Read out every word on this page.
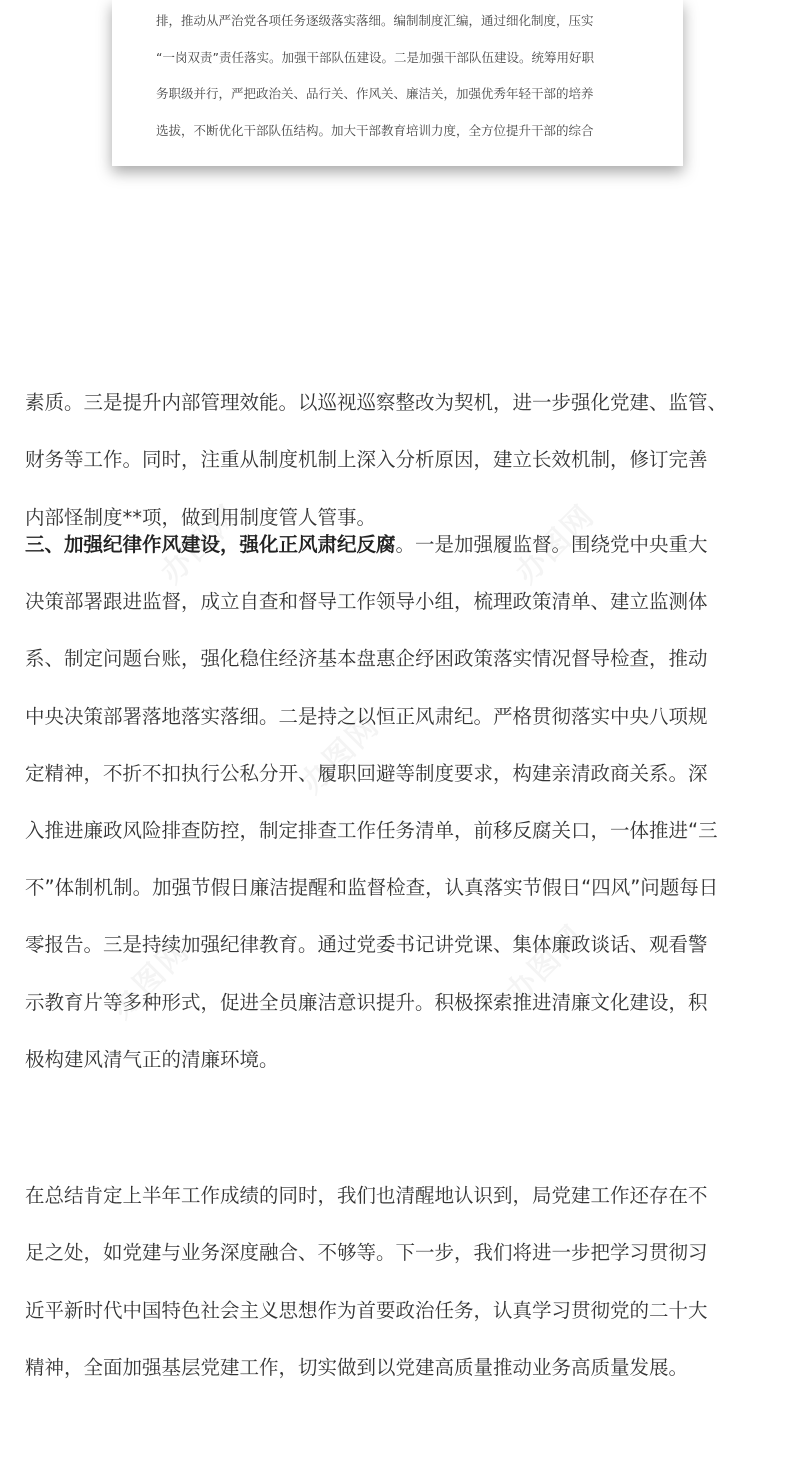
排，推动从严治党各项任务逐级落实落细。编制制度汇编，通过细化制度，压实
“一岗双责”责任落实。加强干部队伍建设。二是加强干部队伍建设。统筹用好职
务职级并行，严把政治关、品行关、作风关、廉洁关，加强优秀年轻干部的培养
选拔，不断优化干部队伍结构。加大干部教育培训力度，全方位提升干部的综合

素质。三是提升内部管理效能。以巡视巡察整改为契机，进一步强化党建、监管、
财务等工作。同时，注重从制度机制上深入分析原因，建立长效机制，修订完善
内部怪制度**项，做到用制度管人管事。

三、加强纪律作风建设，强化正风肃纪反腐。一是加强履监督。围绕党中央重大
决策部署跟进监督，成立自查和督导工作领导小组，梳理政策清单、建立监测体
系、制定问题台账，强化稳住经济基本盘惠企纾困政策落实情况督导检查，推动
中央决策部署落地落实落细。二是持之以恒正风肃纪。严格贯彻落实中央八项规
定精神，不折不扣执行公私分开、履职回避等制度要求，构建亲清政商关系。深
入推进廉政风险排查防控，制定排查工作任务清单，前移反腐关口，一体推进“三
不”体制机制。加强节假日廉洁提醒和监督检查，认真落实节假日“四风”问题每日
零报告。三是持续加强纪律教育。通过党委书记讲党课、集体廉政谈话、观看警
示教育片等多种形式，促进全员廉洁意识提升。积极探索推进清廉文化建设，积
极构建风清气正的清廉环境。

在总结肯定上半年工作成绩的同时，我们也清醒地认识到，局党建工作还存在不
足之处，如党建与业务深度融合、不够等。下一步，我们将进一步把学习贯彻习
近平新时代中国特色社会主义思想作为首要政治任务，认真学习贯彻党的二十大
精神，全面加强基层党建工作，切实做到以党建高质量推动业务高质量发展。
